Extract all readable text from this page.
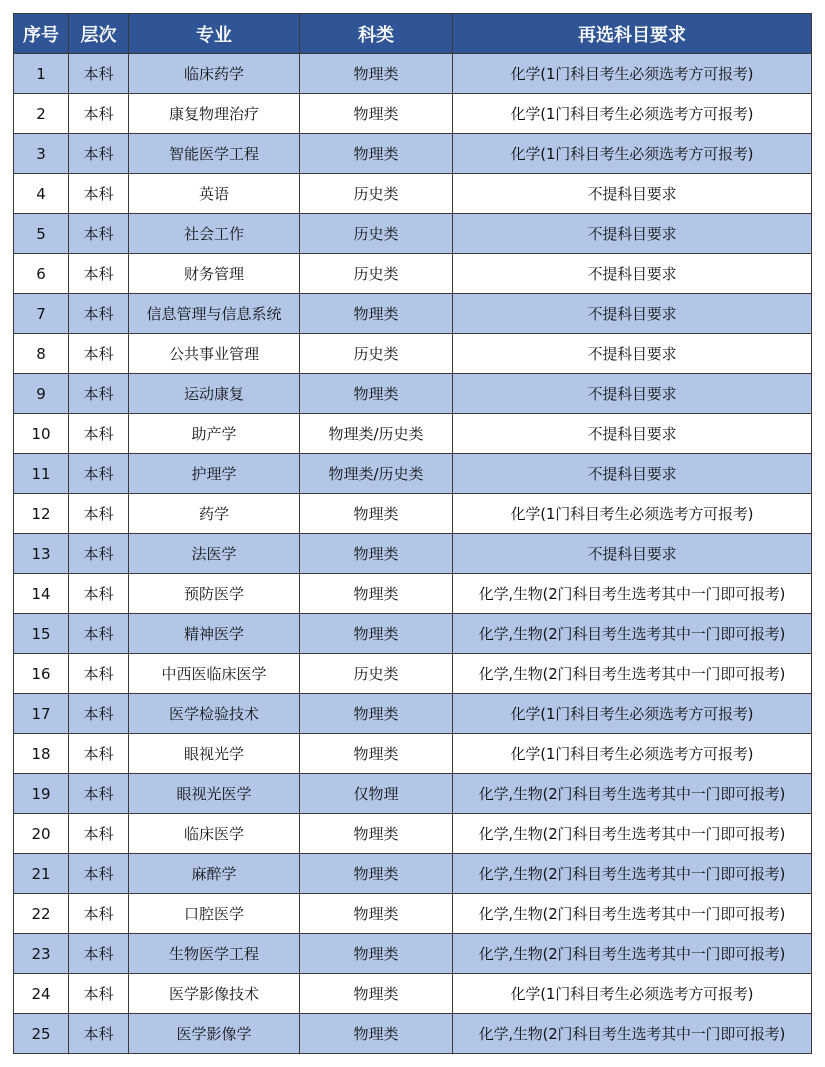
序号	层次	专业	科类	再选科目要求
1	本科	临床药学	物理类	化学(1门科目考生必须选考方可报考)
2	本科	康复物理治疗	物理类	化学(1门科目考生必须选考方可报考)
3	本科	智能医学工程	物理类	化学(1门科目考生必须选考方可报考)
4	本科	英语	历史类	不提科目要求
5	本科	社会工作	历史类	不提科目要求
6	本科	财务管理	历史类	不提科目要求
7	本科	信息管理与信息系统	物理类	不提科目要求
8	本科	公共事业管理	历史类	不提科目要求
9	本科	运动康复	物理类	不提科目要求
10	本科	助产学	物理类/历史类	不提科目要求
11	本科	护理学	物理类/历史类	不提科目要求
12	本科	药学	物理类	化学(1门科目考生必须选考方可报考)
13	本科	法医学	物理类	不提科目要求
14	本科	预防医学	物理类	化学,生物(2门科目考生选考其中一门即可报考)
15	本科	精神医学	物理类	化学,生物(2门科目考生选考其中一门即可报考)
16	本科	中西医临床医学	历史类	化学,生物(2门科目考生选考其中一门即可报考)
17	本科	医学检验技术	物理类	化学(1门科目考生必须选考方可报考)
18	本科	眼视光学	物理类	化学(1门科目考生必须选考方可报考)
19	本科	眼视光医学	仅物理	化学,生物(2门科目考生选考其中一门即可报考)
20	本科	临床医学	物理类	化学,生物(2门科目考生选考其中一门即可报考)
21	本科	麻醉学	物理类	化学,生物(2门科目考生选考其中一门即可报考)
22	本科	口腔医学	物理类	化学,生物(2门科目考生选考其中一门即可报考)
23	本科	生物医学工程	物理类	化学,生物(2门科目考生选考其中一门即可报考)
24	本科	医学影像技术	物理类	化学(1门科目考生必须选考方可报考)
25	本科	医学影像学	物理类	化学,生物(2门科目考生选考其中一门即可报考)
